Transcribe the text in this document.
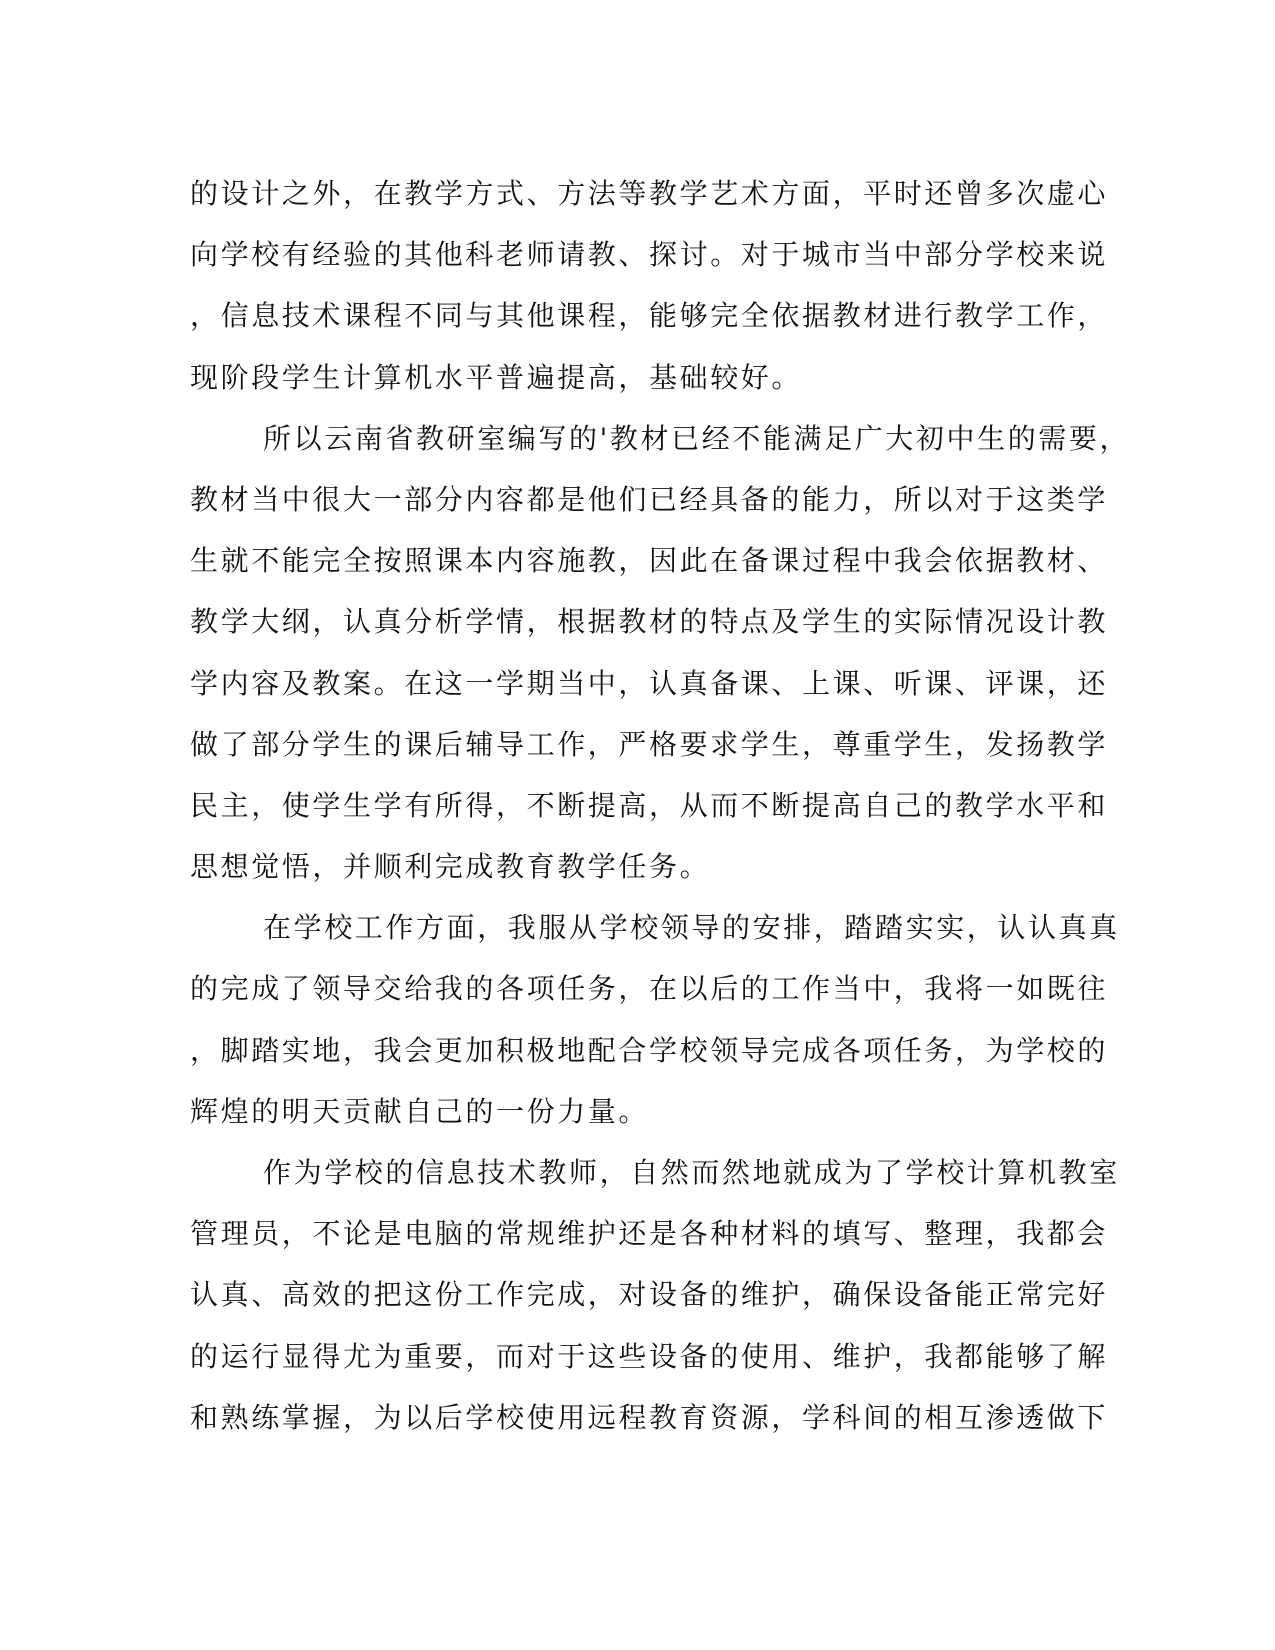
的设计之外，在教学方式、方法等教学艺术方面，平时还曾多次虚心
向学校有经验的其他科老师请教、探讨。对于城市当中部分学校来说
，信息技术课程不同与其他课程，能够完全依据教材进行教学工作，
现阶段学生计算机水平普遍提高，基础较好。
所以云南省教研室编写的'教材已经不能满足广大初中生的需要，
教材当中很大一部分内容都是他们已经具备的能力，所以对于这类学
生就不能完全按照课本内容施教，因此在备课过程中我会依据教材、
教学大纲，认真分析学情，根据教材的特点及学生的实际情况设计教
学内容及教案。在这一学期当中，认真备课、上课、听课、评课，还
做了部分学生的课后辅导工作，严格要求学生，尊重学生，发扬教学
民主，使学生学有所得，不断提高，从而不断提高自己的教学水平和
思想觉悟，并顺利完成教育教学任务。
在学校工作方面，我服从学校领导的安排，踏踏实实，认认真真
的完成了领导交给我的各项任务，在以后的工作当中，我将一如既往
，脚踏实地，我会更加积极地配合学校领导完成各项任务，为学校的
辉煌的明天贡献自己的一份力量。
作为学校的信息技术教师，自然而然地就成为了学校计算机教室
管理员，不论是电脑的常规维护还是各种材料的填写、整理，我都会
认真、高效的把这份工作完成，对设备的维护，确保设备能正常完好
的运行显得尤为重要，而对于这些设备的使用、维护，我都能够了解
和熟练掌握，为以后学校使用远程教育资源，学科间的相互渗透做下
